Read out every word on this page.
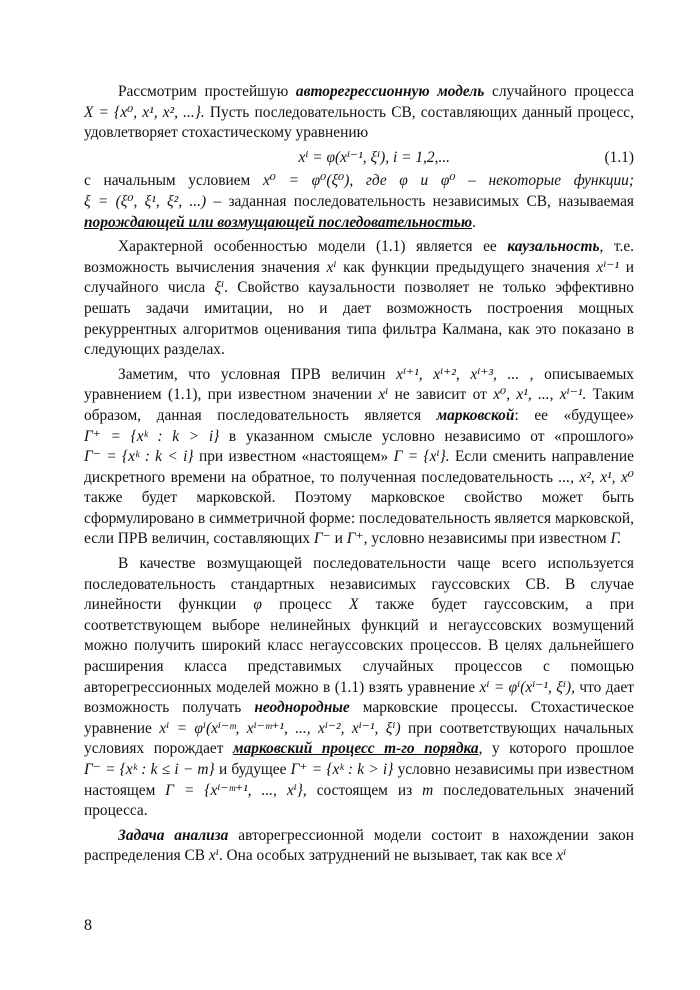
Рассмотрим простейшую авторегрессионную модель случайного процесса X = {x⁰, x¹, x², ...}. Пусть последовательность СВ, составляющих данный процесс, удовлетворяет стохастическому уравнению

xⁱ = φ(xⁱ⁻¹, ξⁱ), i = 1,2,...	(1.1)

с начальным условием x⁰ = φ⁰(ξ⁰), где φ и φ⁰ – некоторые функции; ξ = (ξ⁰, ξ¹, ξ², ...) – заданная последовательность независимых СВ, называемая порождающей или возмущающей последовательностью.

Характерной особенностью модели (1.1) является ее каузальность, т.е. возможность вычисления значения xⁱ как функции предыдущего значения xⁱ⁻¹ и случайного числа ξⁱ. Свойство каузальности позволяет не только эффективно решать задачи имитации, но и дает возможность построения мощных рекуррентных алгоритмов оценивания типа фильтра Калмана, как это показано в следующих разделах.

Заметим, что условная ПРВ величин xⁱ⁺¹, xⁱ⁺², xⁱ⁺³, ... , описываемых уравнением (1.1), при известном значении xⁱ не зависит от x⁰, x¹, ..., xⁱ⁻¹. Таким образом, данная последовательность является марковской: ее «будущее» Γ⁺ = {xᵏ : k > i} в указанном смысле условно независимо от «прошлого» Γ⁻ = {xᵏ : k < i} при известном «настоящем» Γ = {xⁱ}. Если сменить направление дискретного времени на обратное, то полученная последовательность ..., x², x¹, x⁰ также будет марковской. Поэтому марковское свойство может быть сформулировано в симметричной форме: последовательность является марковской, если ПРВ величин, составляющих Γ⁻ и Γ⁺, условно независимы при известном Γ.

В качестве возмущающей последовательности чаще всего используется последовательность стандартных независимых гауссовских СВ. В случае линейности функции φ процесс X также будет гауссовским, а при соответствующем выборе нелинейных функций и негауссовских возмущений можно получить широкий класс негауссовских процессов. В целях дальнейшего расширения класса представимых случайных процессов с помощью авторегрессионных моделей можно в (1.1) взять уравнение xⁱ = φⁱ(xⁱ⁻¹, ξⁱ), что дает возможность получать неоднородные марковские процессы. Стохастическое уравнение xⁱ = φⁱ(xⁱ⁻ᵐ, xⁱ⁻ᵐ⁺¹, ..., xⁱ⁻², xⁱ⁻¹, ξⁱ) при соответствующих начальных условиях порождает марковский процесс m-го порядка, у которого прошлое Γ⁻ = {xᵏ : k ≤ i − m} и будущее Γ⁺ = {xᵏ : k > i} условно независимы при известном настоящем Γ = {xⁱ⁻ᵐ⁺¹, ..., xⁱ}, состоящем из m последовательных значений процесса.

Задача анализа авторегрессионной модели состоит в нахождении закон распределения СВ xⁱ. Она особых затруднений не вызывает, так как все xⁱ

8
